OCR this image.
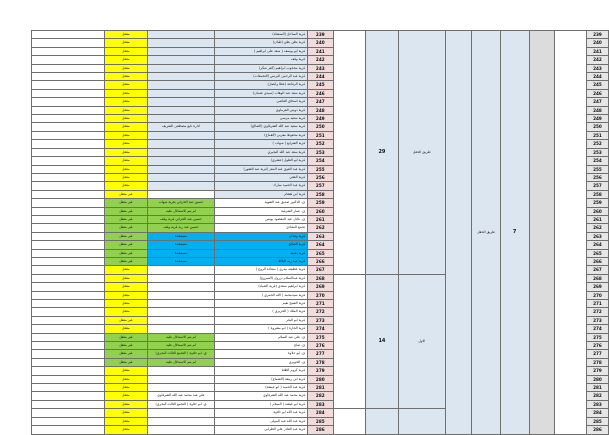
	مفعل		قرية الساحل (المنشاه)	239		29	طريق الحقل		طريق الحقل	7			239
	مفعل		قرية بطن بطن (طبان)	240									240
	مفعل		قرية ابو يوسف ( سعد على ابراهيم )	241									241
	مفعل		قرية وقف	242									242
	مفعل		قرية محجوب ابراهيم (كفر شكر)	243									243
	مفعل		قرية عبد الرحمن البرنس (التجمعات)	244									244
	مفعل		قرية الرفاعة (عطا وانصار)	245									245
	مفعل		قرية سعد عبد الوهاب (سيدي عثمان)	246									246
	مفعل		قرية اسحاق القاضي	247									247
	مفعل		قرية دويني الفرماوي	248									248
	مفعل		قرية سعيد مرسي	249									249
	مفعل	ادارة تابع مصطفى الشريف	قرية سعيد عبد الله الشرقاوي (الصالح)	250									250
	مفعل		قرية محفوظ مغربي (القماح)	251									251
	مفعل		قرية الشرايع ( شهاب )	252									252
	مفعل		قرية سعد عبد الله البحيري	253									253
	مفعل		قرية ابو الطول (عشري)	254									254
	مفعل		قرية عبد القوي عبد المعز (قرية عبد الغفور)	255									255
	مفعل		قرية الفقي	256									256
	مفعل		قرية عبد الحميد مبارك	257									257
	غير مفعل		قرية ابن هشام	258									258
	غير مفعل	حسين عبد الحراني بقرية شهاب	ق. الدكتور صديق عبد الشهيد	259									259
	غير مفعل	لم يتم الاستدلال عليه	ق. عمار الشرقية	260									260
	غير مفعل	حسين عبد الحراني قرية وقف	ق. عادل عبد المقصود يونس	261									261
	غير مفعل	حسين عبد ربه قرية وقف	تجمع المعادي	262									262
	غير مفعل	مستبعدة	قرية وهدان	263									263
	غير مفعل	مستبعدة	قرية الصالح	264									264
	غير مفعل	مستبعدة	قرية دهيبة	265									265
	غير مفعل	مستبعدة	قرية عبد ربه البلاط	266									266
	مفعل		قرية عطيفه بيدري ( سعادة الروح )	267									267
	مفعل		قرية عبدالسلام نزرول (التبيروج)	268		14	الاول						268
	مفعل		قرية ابراهيم سعدي (قرية الصياد)	269									269
	مفعل		قرية سيدمحمد ( الله الحمري )	270									270
	مفعل		قرية الشيخ نعيم	271									271
	مفعل		قرية الملك ( الحريري )	272									272
	غير مفعل		قرية ابو البحر	273									273
	مفعل		قرية الحارة ( ابو مشروة )	274									274
	غير مفعل	لم يتم الاستدلال عليه	ق. علي عبد السلام	275									275
	غير مفعل	لم يتم الاستدلال عليه	ق. صاغ	276									276
	غير مفعل	ق. ابو حلاوة ( التجمع الثالث البحري)	ق. ابو حلاوة	277									277
	غير مفعل	لم يتم الاستدلال عليه	ق. الحويري	278									278
	مفعل		قرية كروم الطلة	279									279
	مفعل		قرية ابن ربيعة (الشماع)	280									280
	مفعل		قرية عبد الحميد ( ابو عيشة)	281									281
	مفعل	علي عبد محمد عبد الله الشرقاوي	قرية محمد عبد الله الشرقاوي	282									282
	مفعل	ق. ابو حلاوة ( التجمع الثالث البحري)	قرية ابو عيشه ( السلام )	283									283
	مفعل		قرية عبد الله ابو حلاوة	284									284
	مفعل		قرية عبد الله عبد المولى	285									285
	مفعل		قرية عبد القادر علي الطرابي	286									286
